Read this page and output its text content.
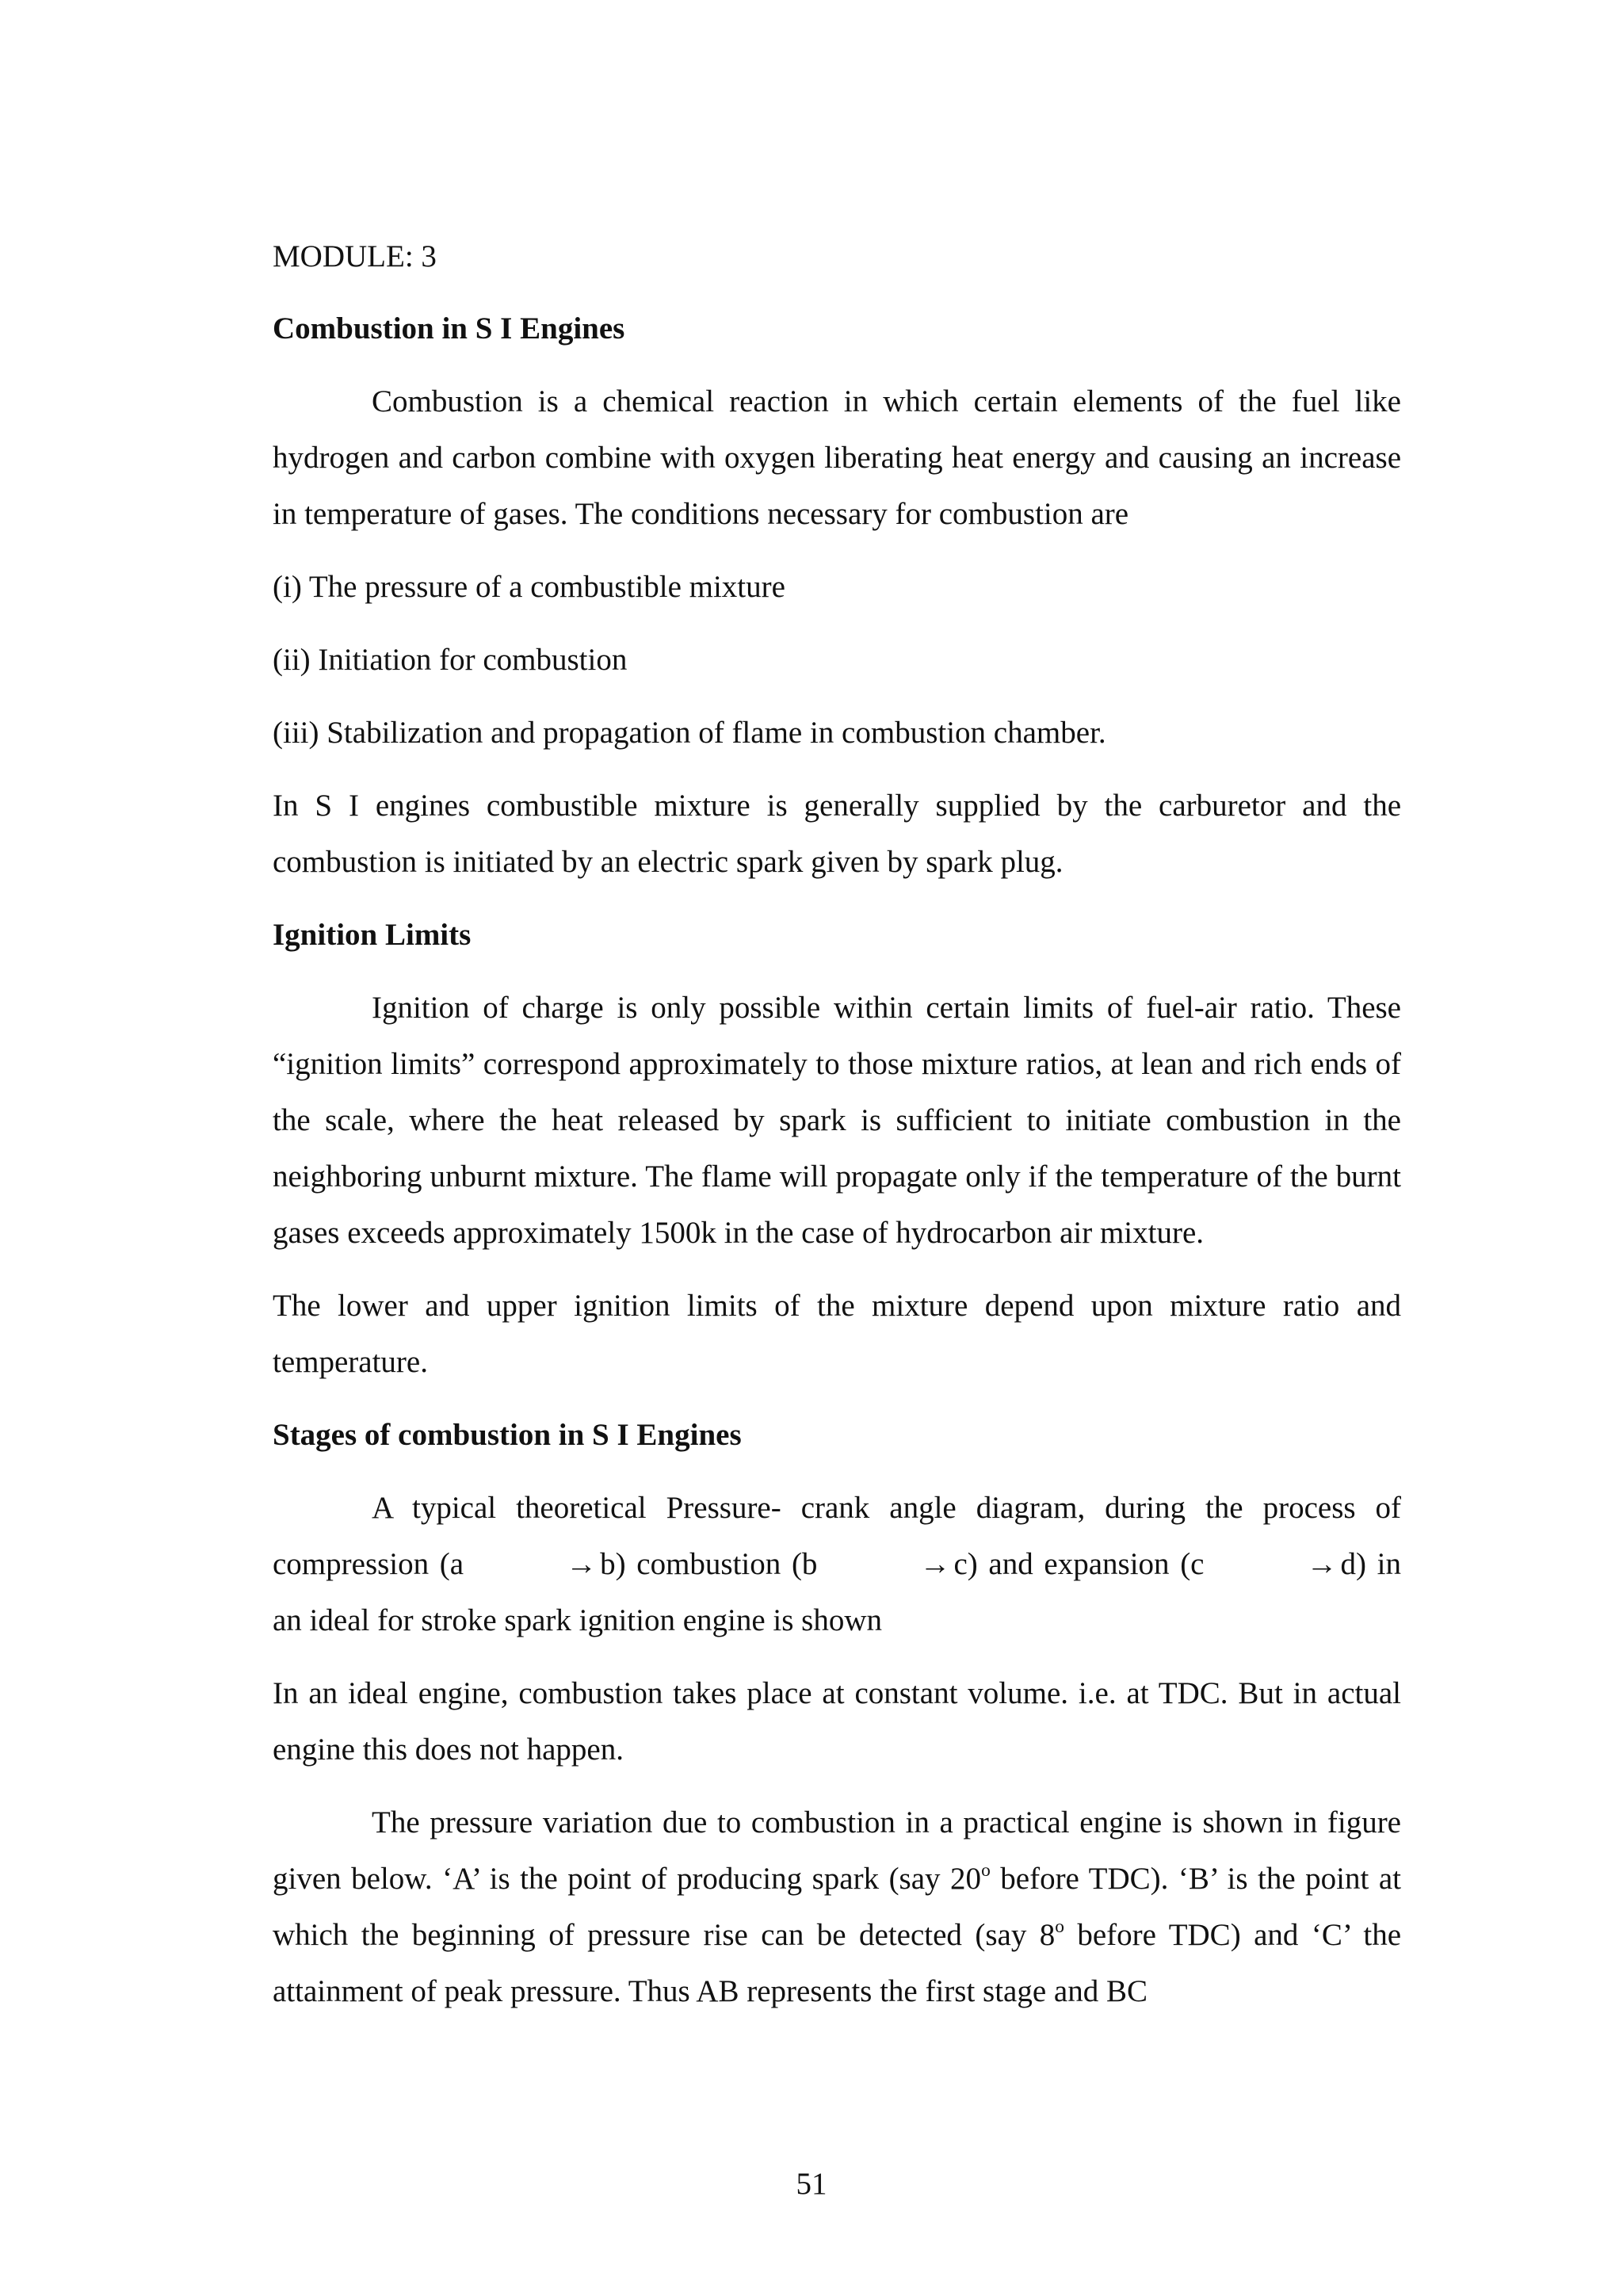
MODULE: 3

Combustion in S I Engines

Combustion is a chemical reaction in which certain elements of the fuel like hydrogen and carbon combine with oxygen liberating heat energy and causing an increase in temperature of gases. The conditions necessary for combustion are

(i) The pressure of a combustible mixture

(ii) Initiation for combustion

(iii) Stabilization and propagation of flame in combustion chamber.

In S I engines combustible mixture is generally supplied by the carburetor and the combustion is initiated by an electric spark given by spark plug.

Ignition Limits

Ignition of charge is only possible within certain limits of fuel-air ratio. These “ignition limits” correspond approximately to those mixture ratios, at lean and rich ends of the scale, where the heat released by spark is sufficient to initiate combustion in the neighboring unburnt mixture. The flame will propagate only if the temperature of the burnt gases exceeds approximately 1500k in the case of hydrocarbon air mixture.

The lower and upper ignition limits of the mixture depend upon mixture ratio and temperature.

Stages of combustion in S I Engines

A typical theoretical Pressure- crank angle diagram, during the process of compression (a	→ b) combustion (b	→ c) and expansion (c	→ d) in an ideal for stroke spark ignition engine is shown

In an ideal engine, combustion takes place at constant volume. i.e. at TDC. But in actual engine this does not happen.

The pressure variation due to combustion in a practical engine is shown in figure given below. ‘A’ is the point of producing spark (say 20$^o$ before TDC). ‘B’ is the point at which the beginning of pressure rise can be detected (say 8$^o$ before TDC) and ‘C’ the attainment of peak pressure. Thus AB represents the first stage and BC

51
